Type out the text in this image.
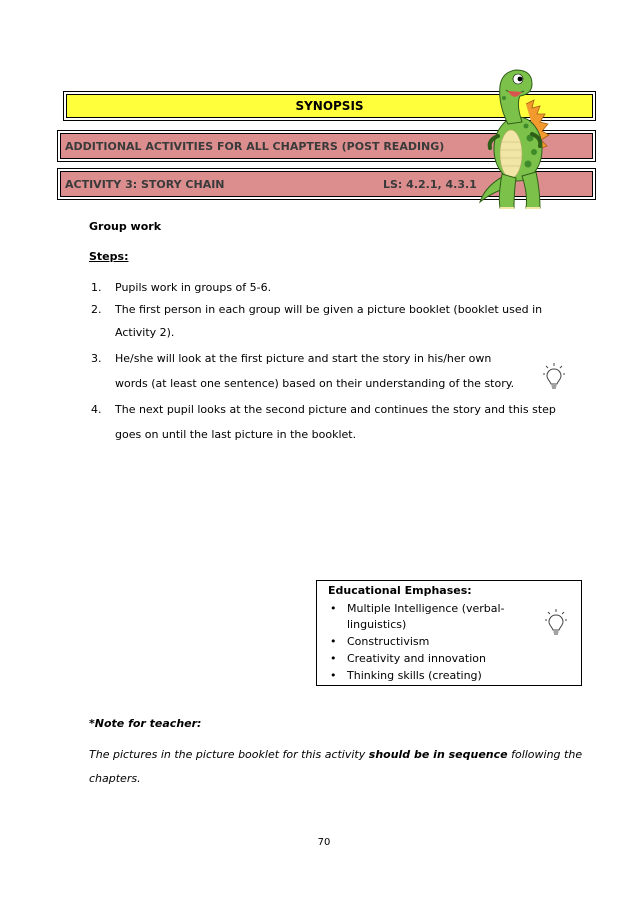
SYNOPSIS
ADDITIONAL ACTIVITIES FOR ALL CHAPTERS (POST READING)
ACTIVITY 3: STORY CHAIN	LS: 4.2.1, 4.3.1
Group work
Steps:
1. Pupils work in groups of 5-6.
2. The first person in each group will be given a picture booklet (booklet used in
Activity 2).
3. He/she will look at the first picture and start the story in his/her own
words (at least one sentence) based on their understanding of the story.
4. The next pupil looks at the second picture and continues the story and this step
goes on until the last picture in the booklet.
Educational Emphases:
• Multiple Intelligence (verbal-
linguistics)
• Constructivism
• Creativity and innovation
• Thinking skills (creating)
*Note for teacher:
The pictures in the picture booklet for this activity should be in sequence following the
chapters.
70
